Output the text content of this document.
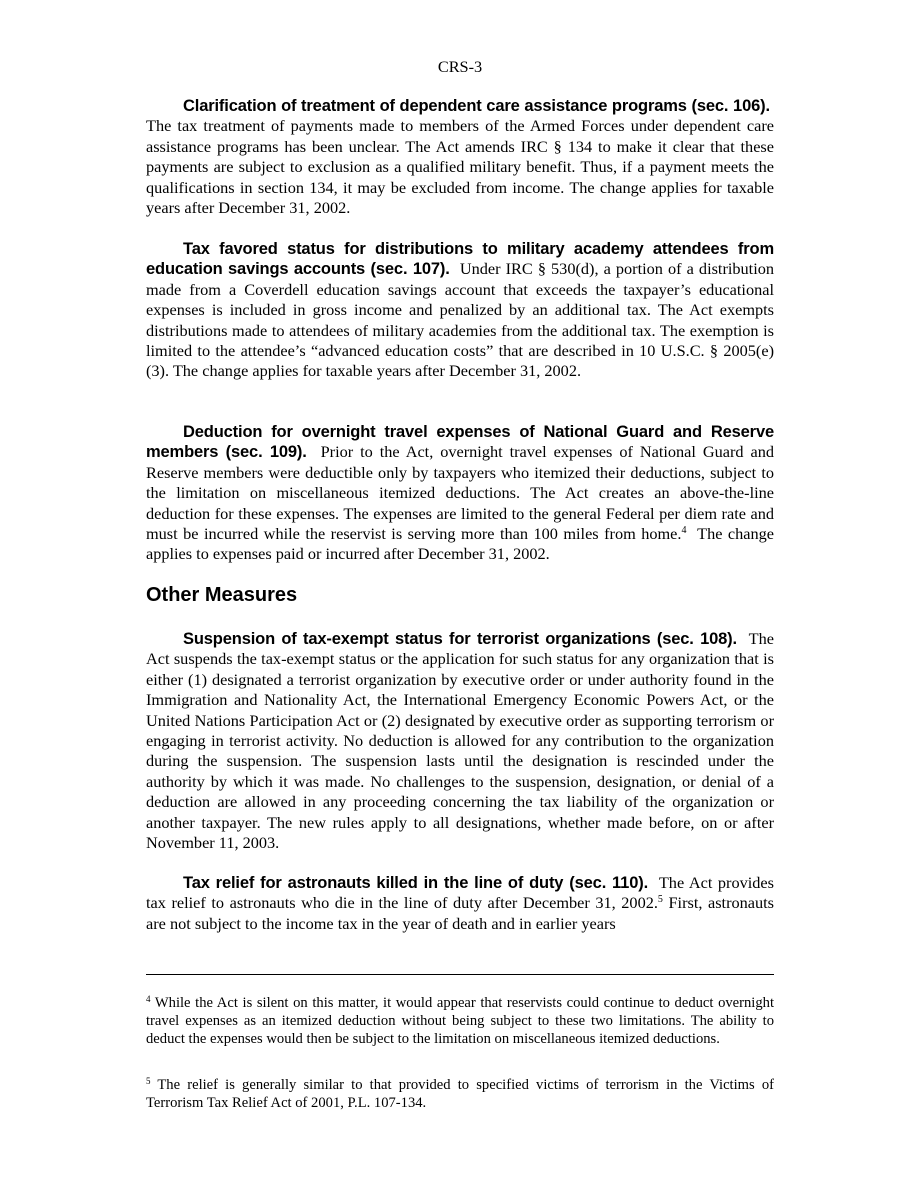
CRS-3

Clarification of treatment of dependent care assistance programs (sec. 106).  The tax treatment of payments made to members of the Armed Forces under dependent care assistance programs has been unclear. The Act amends IRC § 134 to make it clear that these payments are subject to exclusion as a qualified military benefit. Thus, if a payment meets the qualifications in section 134, it may be excluded from income. The change applies for taxable years after December 31, 2002.

Tax favored status for distributions to military academy attendees from education savings accounts (sec. 107). Under IRC § 530(d), a portion of a distribution made from a Coverdell education savings account that exceeds the taxpayer’s educational expenses is included in gross income and penalized by an additional tax. The Act exempts distributions made to attendees of military academies from the additional tax. The exemption is limited to the attendee’s “advanced education costs” that are described in 10 U.S.C. § 2005(e)(3). The change applies for taxable years after December 31, 2002.

Deduction for overnight travel expenses of National Guard and Reserve members (sec. 109). Prior to the Act, overnight travel expenses of National Guard and Reserve members were deductible only by taxpayers who itemized their deductions, subject to the limitation on miscellaneous itemized deductions. The Act creates an above-the-line deduction for these expenses. The expenses are limited to the general Federal per diem rate and must be incurred while the reservist is serving more than 100 miles from home.$^4$ The change applies to expenses paid or incurred after December 31, 2002.

Other Measures

Suspension of tax-exempt status for terrorist organizations (sec. 108). The Act suspends the tax-exempt status or the application for such status for any organization that is either (1) designated a terrorist organization by executive order or under authority found in the Immigration and Nationality Act, the International Emergency Economic Powers Act, or the United Nations Participation Act or (2) designated by executive order as supporting terrorism or engaging in terrorist activity. No deduction is allowed for any contribution to the organization during the suspension. The suspension lasts until the designation is rescinded under the authority by which it was made. No challenges to the suspension, designation, or denial of a deduction are allowed in any proceeding concerning the tax liability of the organization or another taxpayer. The new rules apply to all designations, whether made before, on or after November 11, 2003.

Tax relief for astronauts killed in the line of duty (sec. 110). The Act provides tax relief to astronauts who die in the line of duty after December 31, 2002.$^5$ First, astronauts are not subject to the income tax in the year of death and in earlier years

$^4$ While the Act is silent on this matter, it would appear that reservists could continue to deduct overnight travel expenses as an itemized deduction without being subject to these two limitations. The ability to deduct the expenses would then be subject to the limitation on miscellaneous itemized deductions.

$^5$ The relief is generally similar to that provided to specified victims of terrorism in the Victims of Terrorism Tax Relief Act of 2001, P.L. 107-134.
